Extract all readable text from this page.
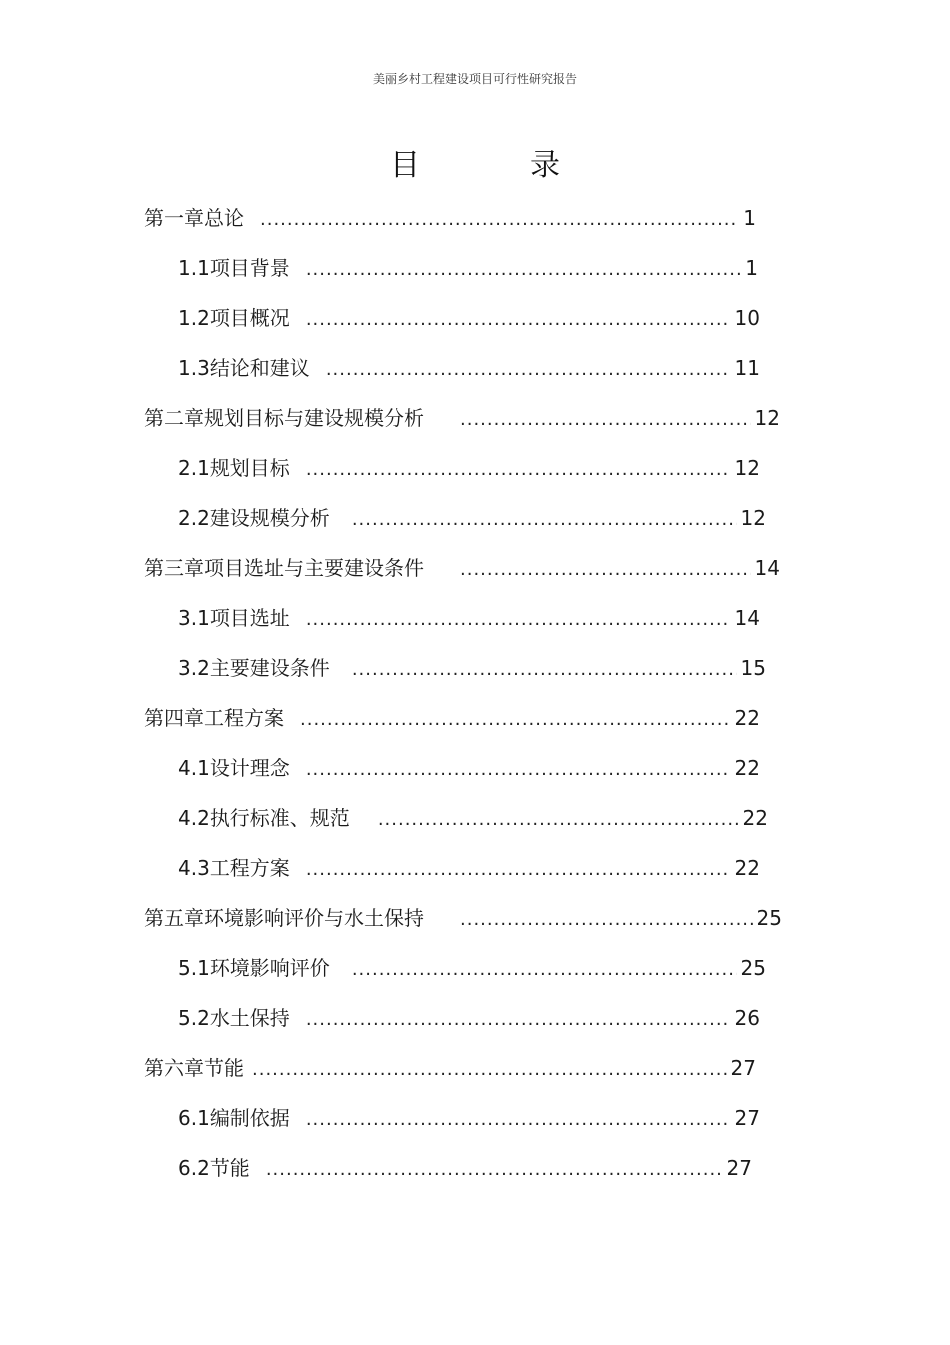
美丽乡村工程建设项目可行性研究报告
目	录
第一章 总论 .....	1
1.1 项目背景 .....	1
1.2 项目概况 .....	10
1.3 结论和建议 .....	11
第二章 规划目标与建设规模分析 .....	12
2.1 规划目标 .....	12
2.2 建设规模分析 .....	12
第三章 项目选址与主要建设条件 .....	14
3.1 项目选址 .....	14
3.2 主要建设条件 .....	15
第四章 工程方案 .....	22
4.1 设计理念 .....	22
4.2 执行标准、规范 .....	22
4.3 工程方案 .....	22
第五章 环境影响评价与水土保持 .....	25
5.1 环境影响评价 .....	25
5.2 水土保持 .....	26
第六章 节能 .....	27
6.1 编制依据 .....	27
6.2 节能 .....	27
